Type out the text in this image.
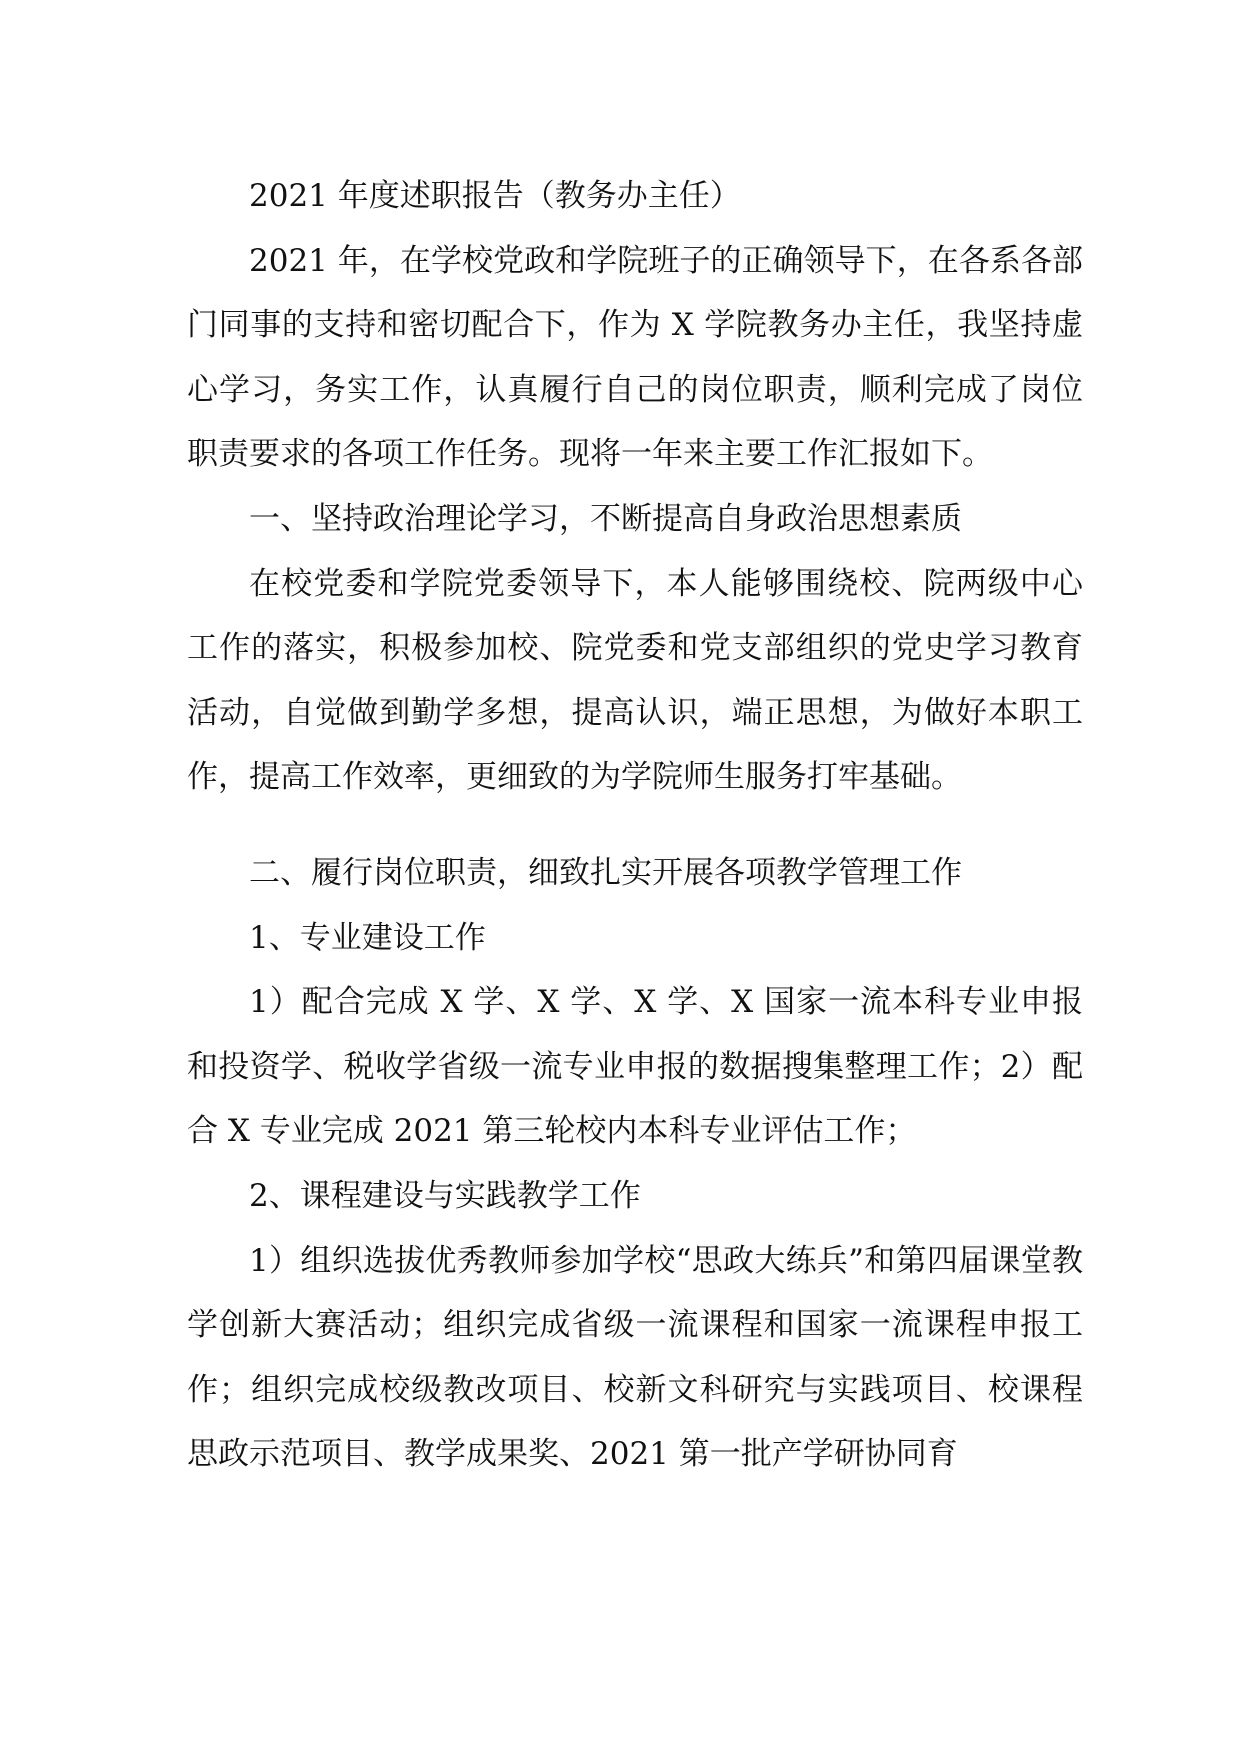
2021 年度述职报告（教务办主任）

2021 年，在学校党政和学院班子的正确领导下，在各系各部门同事的支持和密切配合下，作为 X 学院教务办主任，我坚持虚心学习，务实工作，认真履行自己的岗位职责，顺利完成了岗位职责要求的各项工作任务。现将一年来主要工作汇报如下。

一、坚持政治理论学习，不断提高自身政治思想素质

在校党委和学院党委领导下，本人能够围绕校、院两级中心工作的落实，积极参加校、院党委和党支部组织的党史学习教育活动，自觉做到勤学多想，提高认识，端正思想，为做好本职工作，提高工作效率，更细致的为学院师生服务打牢基础。

二、履行岗位职责，细致扎实开展各项教学管理工作

1、专业建设工作

1）配合完成 X 学、X 学、X 学、X 国家一流本科专业申报和投资学、税收学省级一流专业申报的数据搜集整理工作；2）配合 X 专业完成 2021 第三轮校内本科专业评估工作；

2、课程建设与实践教学工作

1）组织选拔优秀教师参加学校“思政大练兵”和第四届课堂教学创新大赛活动；组织完成省级一流课程和国家一流课程申报工作；组织完成校级教改项目、校新文科研究与实践项目、校课程思政示范项目、教学成果奖、2021 第一批产学研协同育
